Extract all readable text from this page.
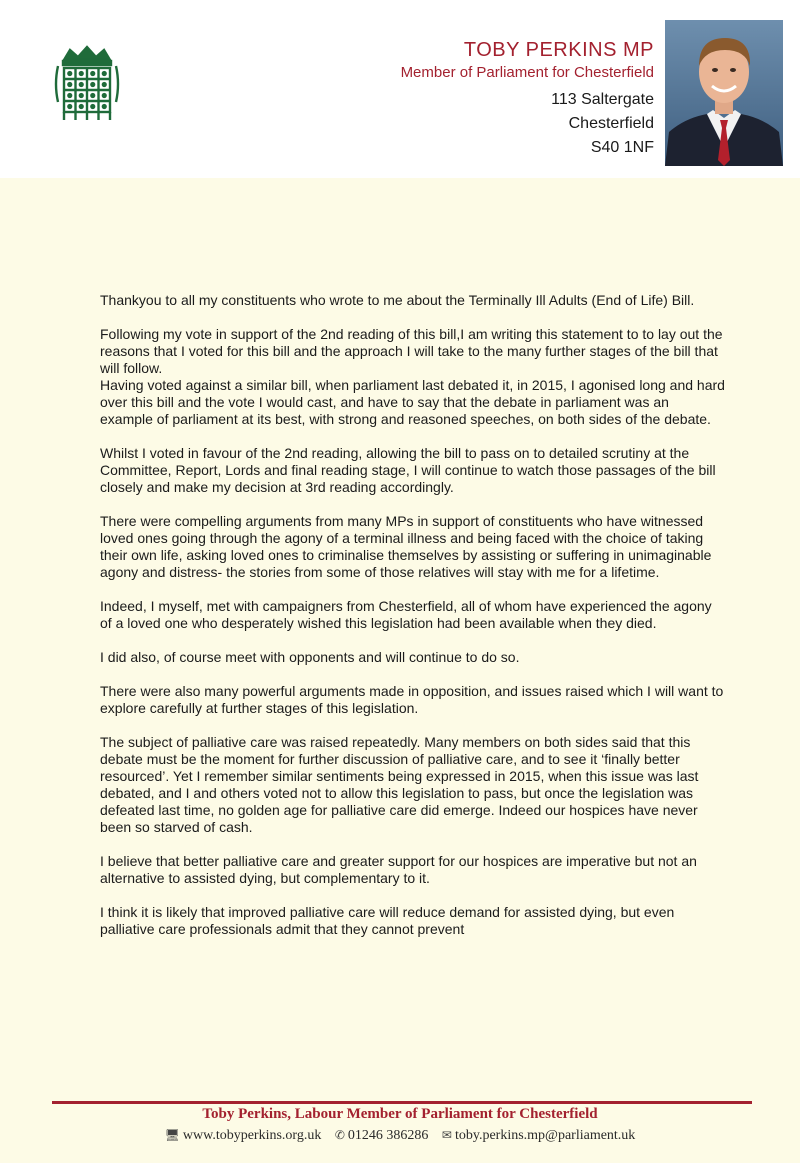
TOBY PERKINS MP
Member of Parliament for Chesterfield
113 Saltergate
Chesterfield
S40 1NF

Thankyou to all my constituents who wrote to me about the Terminally Ill Adults (End of Life) Bill.

Following my vote in support of the 2nd reading of this bill,I am writing this statement to to lay out the reasons that I voted for this bill and the approach I will take to the many further stages of the bill that will follow.

Having voted against a similar bill, when parliament last debated it, in 2015, I agonised long and hard over this bill and the vote I would cast, and have to say that the debate in parliament was an example of parliament at its best, with strong and reasoned speeches, on both sides of the debate.

Whilst I voted in favour of the 2nd reading, allowing the bill to pass on to detailed scrutiny at the Committee, Report, Lords and final reading stage, I will continue to watch those passages of the bill closely and make my decision at 3rd reading accordingly.

There were compelling arguments from many MPs in support of constituents who have witnessed loved ones going through the agony of a terminal illness and being faced with the choice of taking their own life, asking loved ones to criminalise themselves by assisting or suffering in unimaginable agony and distress- the stories from some of those relatives will stay with me for a lifetime.

Indeed, I myself, met with campaigners from Chesterfield, all of whom have experienced the agony of a loved one who desperately wished this legislation had been available when they died.

I did also, of course meet with opponents and will continue to do so.

There were also many powerful arguments made in opposition, and issues raised which I will want to explore carefully at further stages of this legislation.

The subject of palliative care was raised repeatedly. Many members on both sides said that this debate must be the moment for further discussion of palliative care, and to see it ‘finally better resourced’. Yet I remember similar sentiments being expressed in 2015, when this issue was last debated, and I and others voted not to allow this legislation to pass, but once the legislation was defeated last time, no golden age for palliative care did emerge. Indeed our hospices have never been so starved of cash.

I believe that better palliative care and greater support for our hospices are imperative but not an alternative to assisted dying, but complementary to it.

I think it is likely that improved palliative care will reduce demand for assisted dying, but even palliative care professionals admit that they cannot prevent

Toby Perkins, Labour Member of Parliament for Chesterfield
🖥 www.tobyperkins.org.uk ✆ 01246 386286 ✉ toby.perkins.mp@parliament.uk
